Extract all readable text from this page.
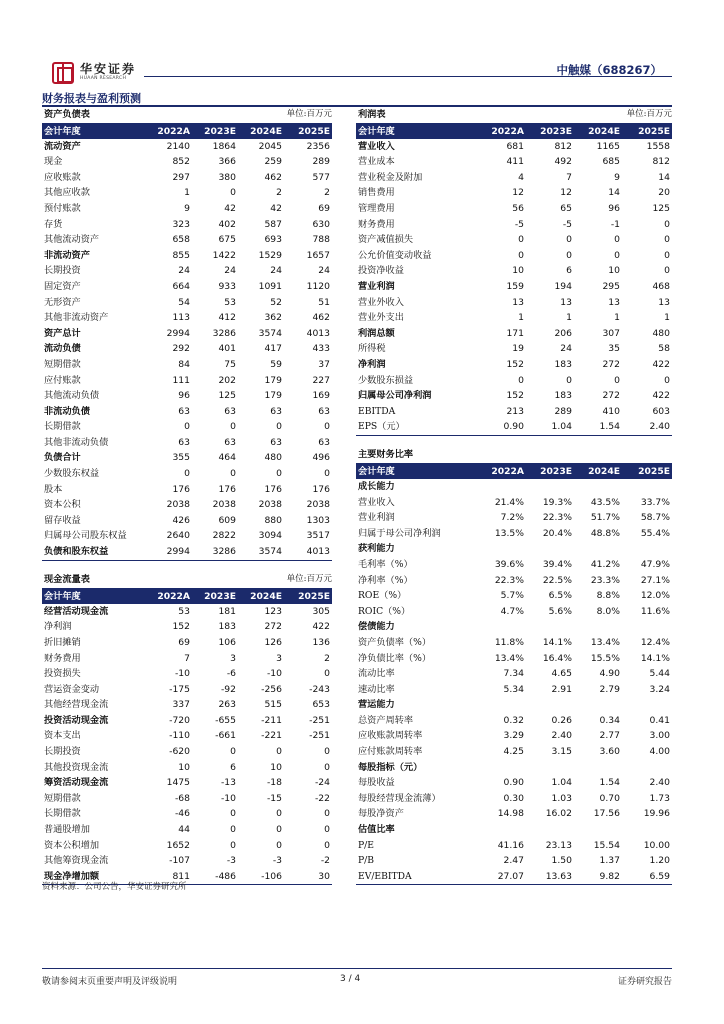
华安证券
HUAAN RESEARCH
中触媒（688267）
财务报表与盈利预测
资产负债表		单位:百万元		
会计年度	2022A	2023E	2024E	2025E
流动资产	2140	1864	2045	2356
现金	852	366	259	289
应收账款	297	380	462	577
其他应收款	1	0	2	2
预付账款	9	42	42	69
存货	323	402	587	630
其他流动资产	658	675	693	788
非流动资产	855	1422	1529	1657
长期投资	24	24	24	24
固定资产	664	933	1091	1120
无形资产	54	53	52	51
其他非流动资产	113	412	362	462
资产总计	2994	3286	3574	4013
流动负债	292	401	417	433
短期借款	84	75	59	37
应付账款	111	202	179	227
其他流动负债	96	125	179	169
非流动负债	63	63	63	63
长期借款	0	0	0	0
其他非流动负债	63	63	63	63
负债合计	355	464	480	496
少数股东权益	0	0	0	0
股本	176	176	176	176
资本公积	2038	2038	2038	2038
留存收益	426	609	880	1303
归属母公司股东权益	2640	2822	3094	3517
负债和股东权益	2994	3286	3574	4013

现金流量表		单位:百万元		
会计年度	2022A	2023E	2024E	2025E
经营活动现金流	53	181	123	305
净利润	152	183	272	422
折旧摊销	69	106	126	136
财务费用	7	3	3	2
投资损失	-10	-6	-10	0
营运资金变动	-175	-92	-256	-243
其他经营现金流	337	263	515	653
投资活动现金流	-720	-655	-211	-251
资本支出	-110	-661	-221	-251
长期投资	-620	0	0	0
其他投资现金流	10	6	10	0
筹资活动现金流	1475	-13	-18	-24
短期借款	-68	-10	-15	-22
长期借款	-46	0	0	0
普通股增加	44	0	0	0
资本公积增加	1652	0	0	0
其他筹资现金流	-107	-3	-3	-2
现金净增加额	811	-486	-106	30
利润表		单位:百万元		
会计年度	2022A	2023E	2024E	2025E
营业收入	681	812	1165	1558
营业成本	411	492	685	812
营业税金及附加	4	7	9	14
销售费用	12	12	14	20
管理费用	56	65	96	125
财务费用	-5	-5	-1	0
资产减值损失	0	0	0	0
公允价值变动收益	0	0	0	0
投资净收益	10	6	10	0
营业利润	159	194	295	468
营业外收入	13	13	13	13
营业外支出	1	1	1	1
利润总额	171	206	307	480
所得税	19	24	35	58
净利润	152	183	272	422
少数股东损益	0	0	0	0
归属母公司净利润	152	183	272	422
EBITDA	213	289	410	603
EPS（元）	0.90	1.04	1.54	2.40

主要财务比率				
会计年度	2022A	2023E	2024E	2025E
成长能力				
营业收入	21.4%	19.3%	43.5%	33.7%
营业利润	7.2%	22.3%	51.7%	58.7%
归属于母公司净利润	13.5%	20.4%	48.8%	55.4%
获利能力				
毛利率（%）	39.6%	39.4%	41.2%	47.9%
净利率（%）	22.3%	22.5%	23.3%	27.1%
ROE（%）	5.7%	6.5%	8.8%	12.0%
ROIC（%）	4.7%	5.6%	8.0%	11.6%
偿债能力				
资产负债率（%）	11.8%	14.1%	13.4%	12.4%
净负债比率（%）	13.4%	16.4%	15.5%	14.1%
流动比率	7.34	4.65	4.90	5.44
速动比率	5.34	2.91	2.79	3.24
营运能力				
总资产周转率	0.32	0.26	0.34	0.41
应收账款周转率	3.29	2.40	2.77	3.00
应付账款周转率	4.25	3.15	3.60	4.00
每股指标（元）				
每股收益	0.90	1.04	1.54	2.40
每股经营现金流薄）	0.30	1.03	0.70	1.73
每股净资产	14.98	16.02	17.56	19.96
估值比率				
P/E	41.16	23.13	15.54	10.00
P/B	2.47	1.50	1.37	1.20
EV/EBITDA	27.07	13.63	9.82	6.59
资料来源：公司公告，华安证券研究所
敬请参阅末页重要声明及评级说明	3 / 4	证券研究报告
